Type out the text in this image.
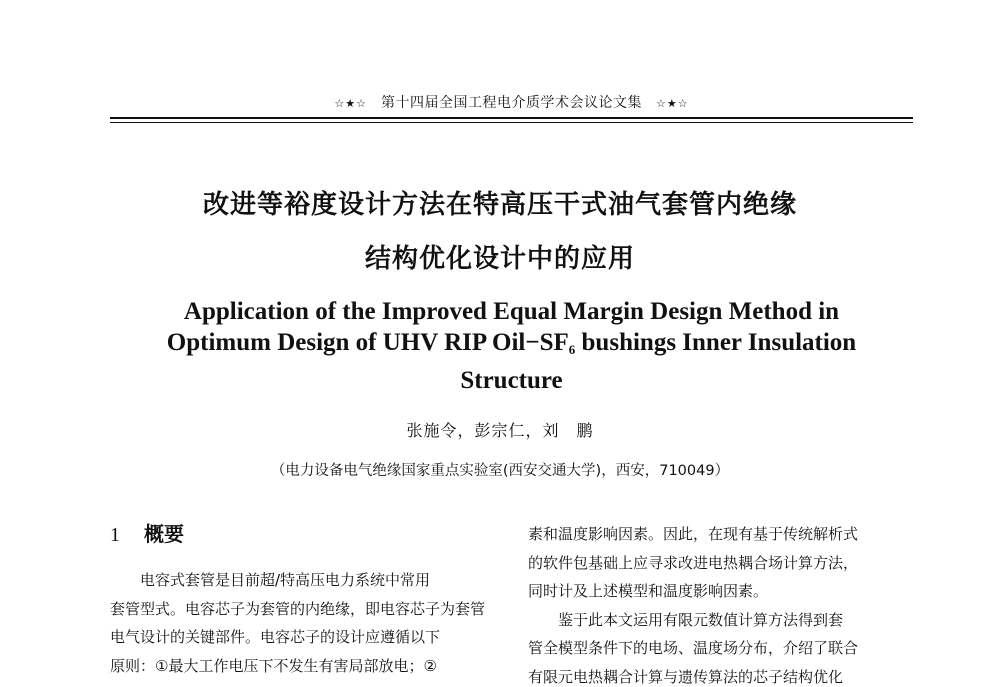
☆★☆ 第十四届全国工程电介质学术会议论文集 ☆★☆
改进等裕度设计方法在特高压干式油气套管内绝缘
结构优化设计中的应用
Application of the Improved Equal Margin Design Method in
Optimum Design of UHV RIP $Oil-SF_6$ bushings Inner Insulation
Structure
张施令，彭宗仁，刘　鹏
（电力设备电气绝缘国家重点实验室(西安交通大学)，西安，710049）
1 概要
电容式套管是目前超/特高压电力系统中常用
套管型式。电容芯子为套管的内绝缘，即电容芯子为套管
电气设计的关键部件。电容芯子的设计应遵循以下
原则：①最大工作电压下不发生有害局部放电；②
素和温度影响因素。因此，在现有基于传统解析式
的软件包基础上应寻求改进电热耦合场计算方法，
同时计及上述模型和温度影响因素。
鉴于此本文运用有限元数值计算方法得到套
管全模型条件下的电场、温度场分布，介绍了联合
有限元电热耦合计算与遗传算法的芯子结构优化
